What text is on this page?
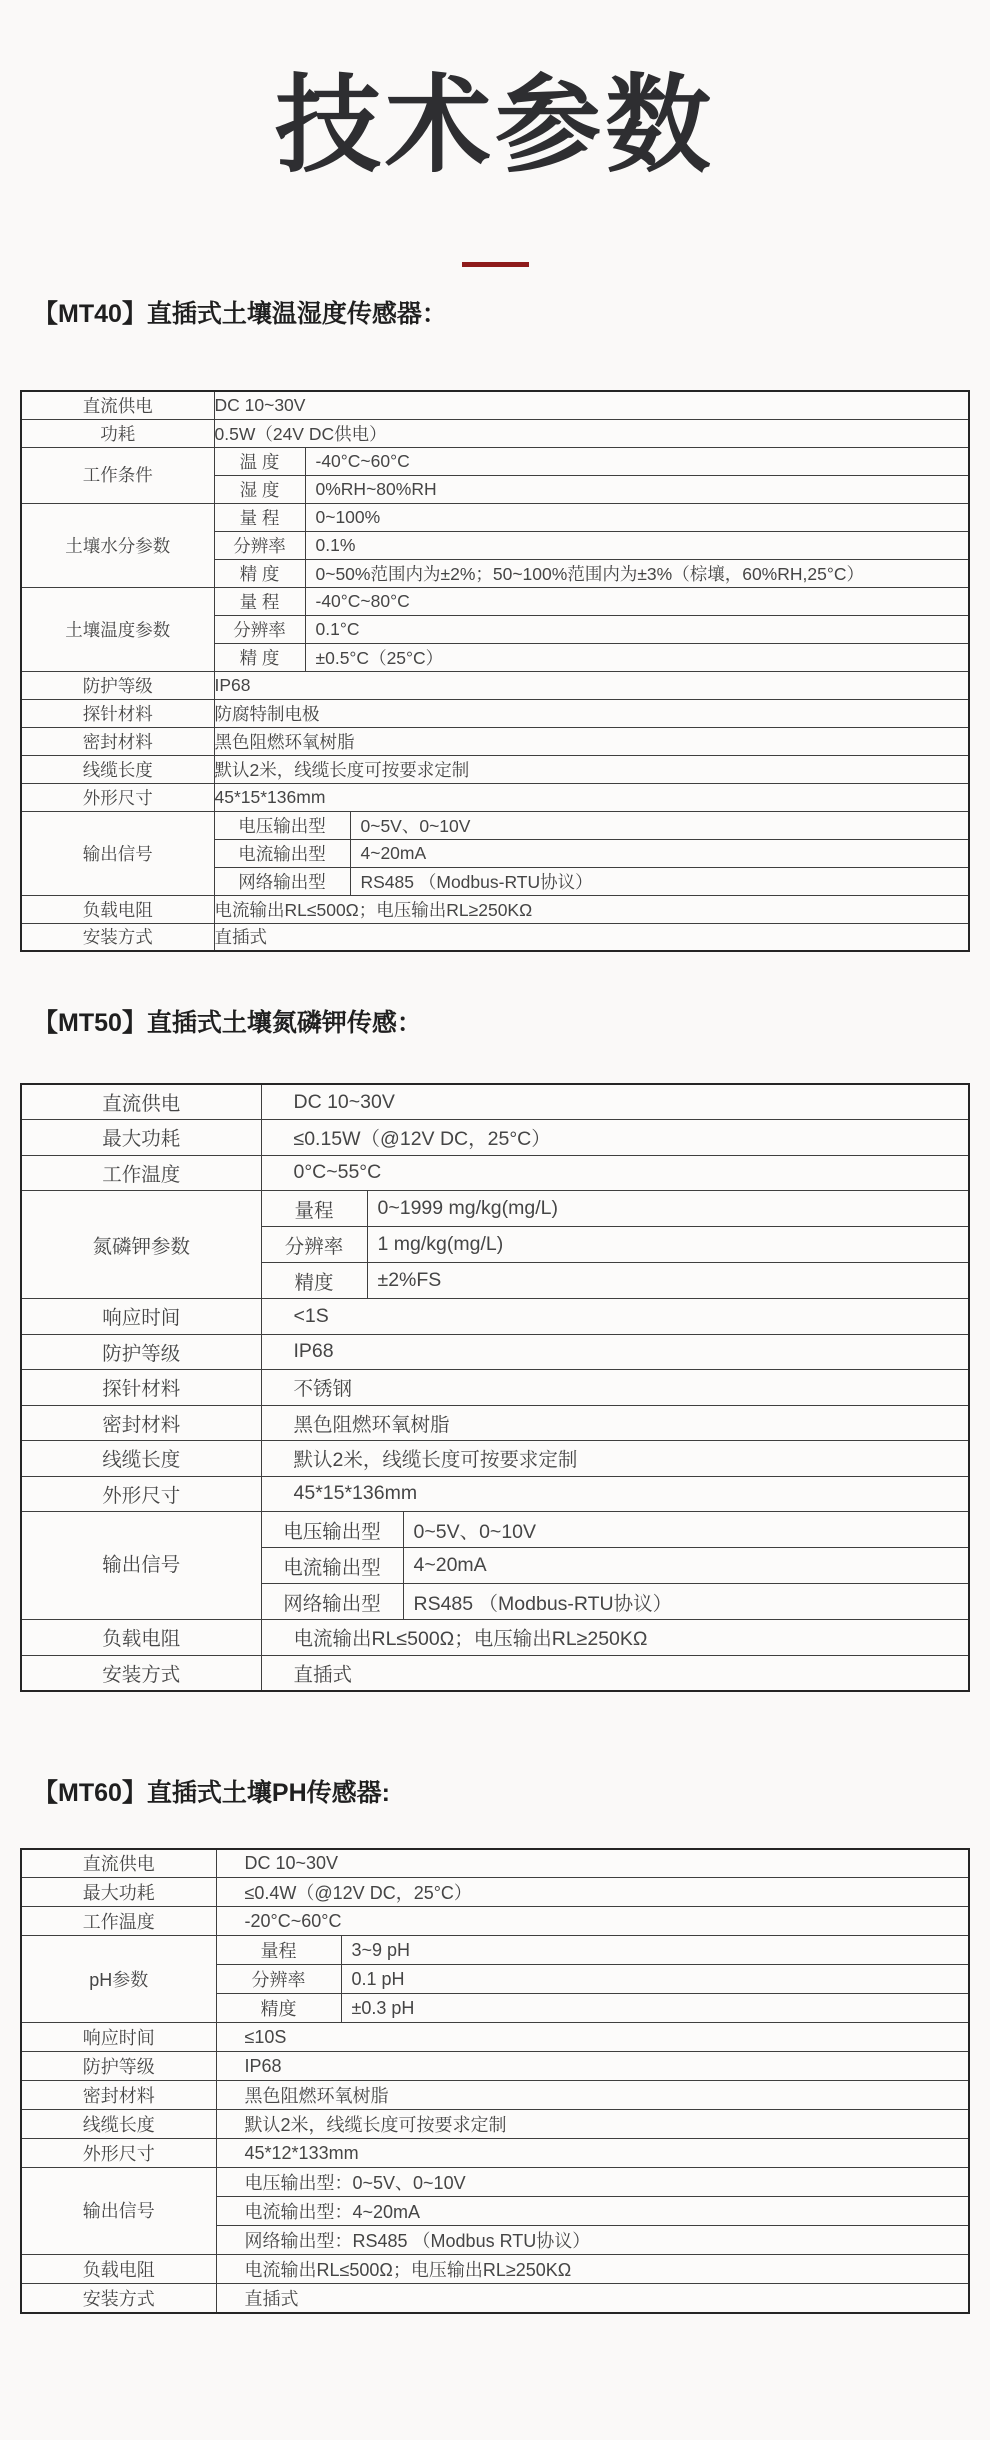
技术参数
【MT40】直插式土壤温湿度传感器：
直流供电	DC 10~30V
功耗	0.5W（24V DC供电）
工作条件	温 度 -40°C~60°C

湿 度 0%RH~80%RH

土壤水分参数	量 程 0~100%

分辨率 0.1%

精 度 0~50%范围内为±2%；50~100%范围内为±3%（棕壤，60%RH,25°C）

土壤温度参数	量 程 -40°C~80°C

分辨率 0.1°C

精 度 ±0.5°C（25°C）

防护等级	IP68
探针材料	防腐特制电极
密封材料	黑色阻燃环氧树脂
线缆长度	默认2米，线缆长度可按要求定制
外形尺寸	45*15*136mm
输出信号	电压输出型 0~5V、0~10V

电流输出型 4~20mA

网络输出型 RS485 （Modbus-RTU协议）

负载电阻	电流输出RL≤500Ω；电压输出RL≥250KΩ
安装方式	直插式
【MT50】直插式土壤氮磷钾传感：
直流供电	DC 10~30V
最大功耗	≤0.15W（@12V DC，25°C）
工作温度	0°C~55°C
氮磷钾参数	量程 0~1999 mg/kg(mg/L)

分辨率 1 mg/kg(mg/L)

精度 ±2%FS

响应时间	<1S
防护等级	IP68
探针材料	不锈钢
密封材料	黑色阻燃环氧树脂
线缆长度	默认2米，线缆长度可按要求定制
外形尺寸	45*15*136mm
输出信号	电压输出型 0~5V、0~10V

电流输出型 4~20mA

网络输出型 RS485 （Modbus-RTU协议）

负载电阻	电流输出RL≤500Ω；电压输出RL≥250KΩ
安装方式	直插式
【MT60】直插式土壤PH传感器:
直流供电	DC 10~30V
最大功耗	≤0.4W（@12V DC，25°C）
工作温度	-20°C~60°C
pH参数	量程 3~9 pH

分辨率 0.1 pH

精度 ±0.3 pH

响应时间	≤10S
防护等级	IP68
密封材料	黑色阻燃环氧树脂
线缆长度	默认2米，线缆长度可按要求定制
外形尺寸	45*12*133mm
输出信号	电压输出型：0~5V、0~10V
	电流输出型：4~20mA
	网络输出型：RS485 （Modbus RTU协议）
负载电阻	电流输出RL≤500Ω；电压输出RL≥250KΩ
安装方式	直插式
